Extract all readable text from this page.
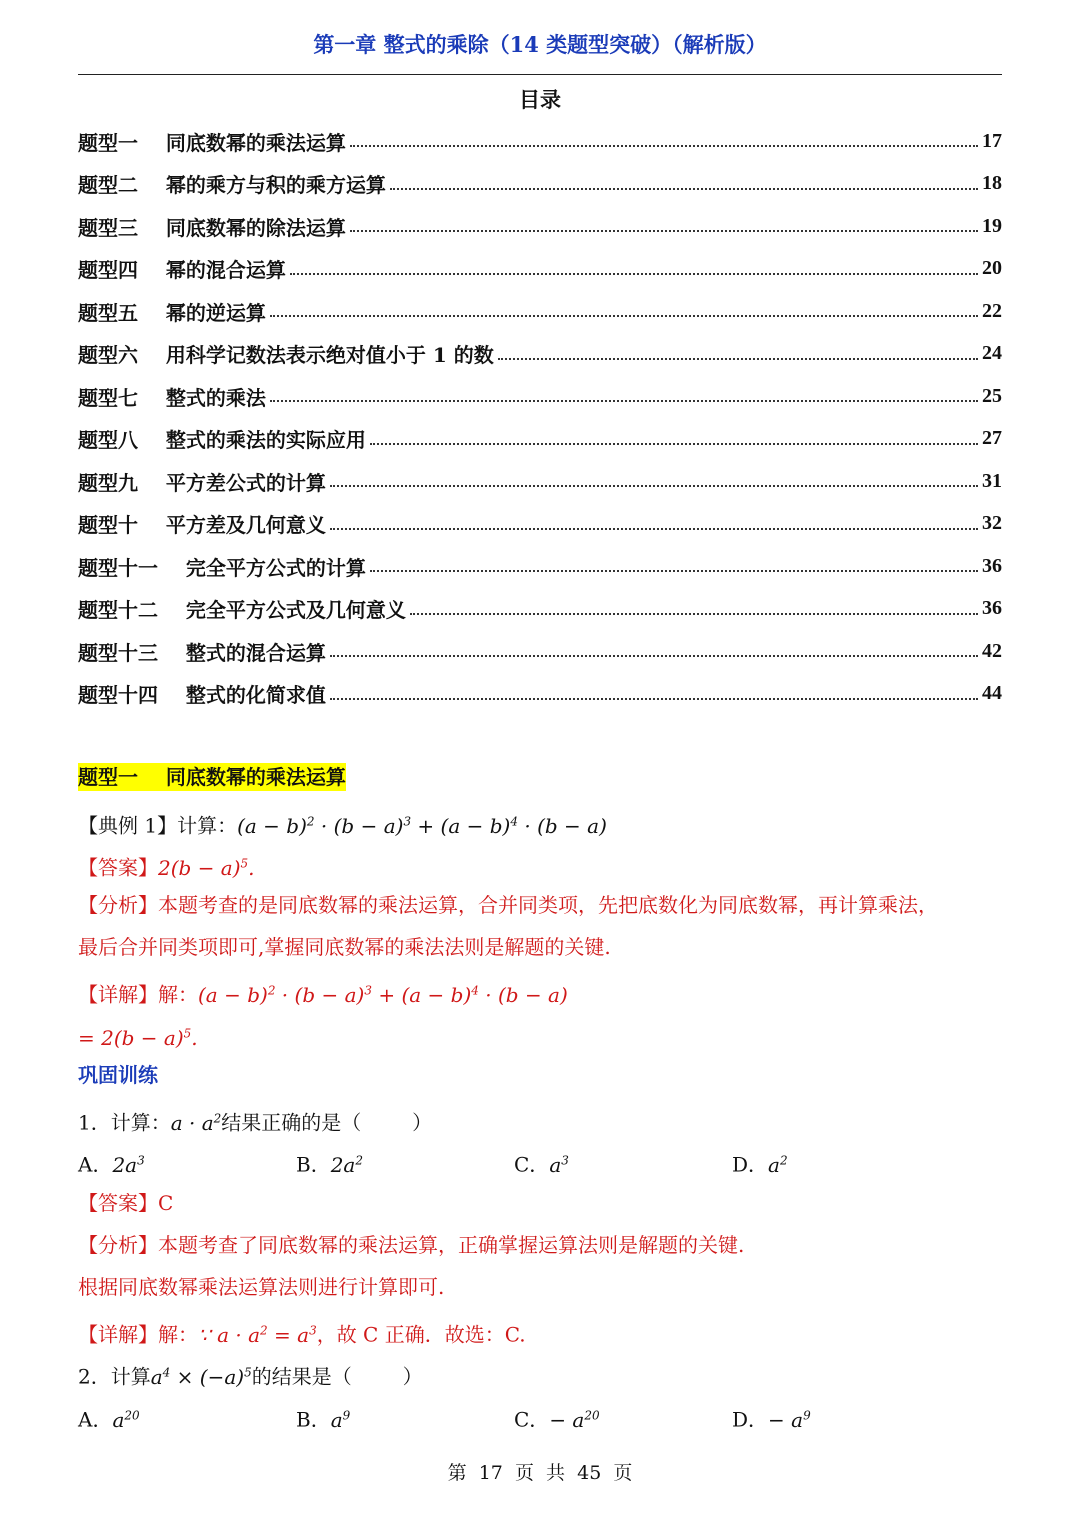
第一章 整式的乘除（14 类题型突破）（解析版）
目录
题型一    同底数幂的乘法运算	17
题型二    幂的乘方与积的乘方运算	18
题型三    同底数幂的除法运算	19
题型四    幂的混合运算	20
题型五    幂的逆运算	22
题型六    用科学记数法表示绝对值小于 1 的数	24
题型七    整式的乘法	25
题型八    整式的乘法的实际应用	27
题型九    平方差公式的计算	31
题型十    平方差及几何意义	32
题型十一    完全平方公式的计算	36
题型十二    完全平方公式及几何意义	36
题型十三    整式的混合运算	42
题型十四    整式的化简求值	44
题型一    同底数幂的乘法运算
【典例 1】计算：$(a - b)^2 \cdot (b - a)^3 + (a - b)^4 \cdot (b - a)$
【答案】$2(b - a)^5$.
【分析】本题考查的是同底数幂的乘法运算，合并同类项，先把底数化为同底数幂，再计算乘法，
最后合并同类项即可,掌握同底数幂的乘法法则是解题的关键.
【详解】解：$(a - b)^2 \cdot (b - a)^3 + (a - b)^4 \cdot (b - a)$
= $2(b - a)^5$.
巩固训练
1．计算：$a \cdot a^2$结果正确的是（        ）
A．$2a^3$	B．$2a^2$	C．$a^3$	D．$a^2$
【答案】C
【分析】本题考查了同底数幂的乘法运算，正确掌握运算法则是解题的关键.
根据同底数幂乘法运算法则进行计算即可.
【详解】解：∵ $a \cdot a^2 = a^3$，故 C 正确．故选：C.
2．计算$a^4 \times (-a)^5$的结果是（        ）
A．$a^{20}$	B．$a^9$	C．− $a^{20}$	D．− $a^9$
第  17  页  共  45  页
